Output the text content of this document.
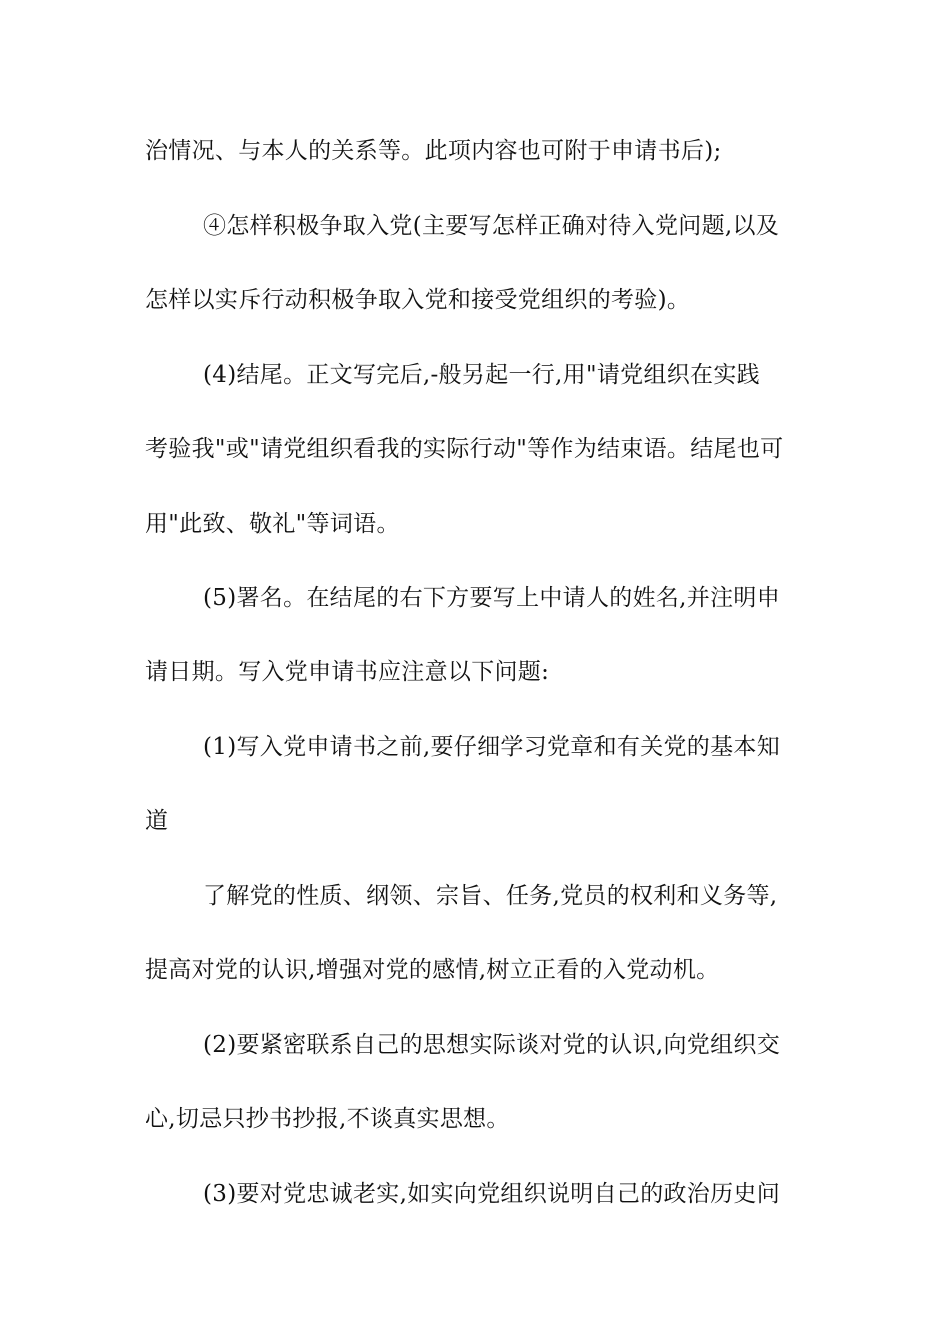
治情况、与本人的关系等。此项内容也可附于申请书后);
④怎样积极争取入党(主要写怎样正确对待入党问题,以及
怎样以实斥行动积极争取入党和接受党组织的考验)。
(4)结尾。正文写完后,-般另起一行,用"请党组织在实践
考验我"或"请党组织看我的实际行动"等作为结束语。结尾也可
用"此致、敬礼"等词语。
(5)署名。在结尾的右下方要写上中请人的姓名,并注明申
请日期。写入党申请书应注意以下问题:
(1)写入党申请书之前,要仔细学习党章和有关党的基本知
道
了解党的性质、纲领、宗旨、任务,党员的权利和义务等,
提高对党的认识,增强对党的感情,树立正看的入党动机。
(2)要紧密联系自己的思想实际谈对党的认识,向党组织交
心,切忌只抄书抄报,不谈真实思想。
(3)要对党忠诚老实,如实向党组织说明自己的政治历史问
